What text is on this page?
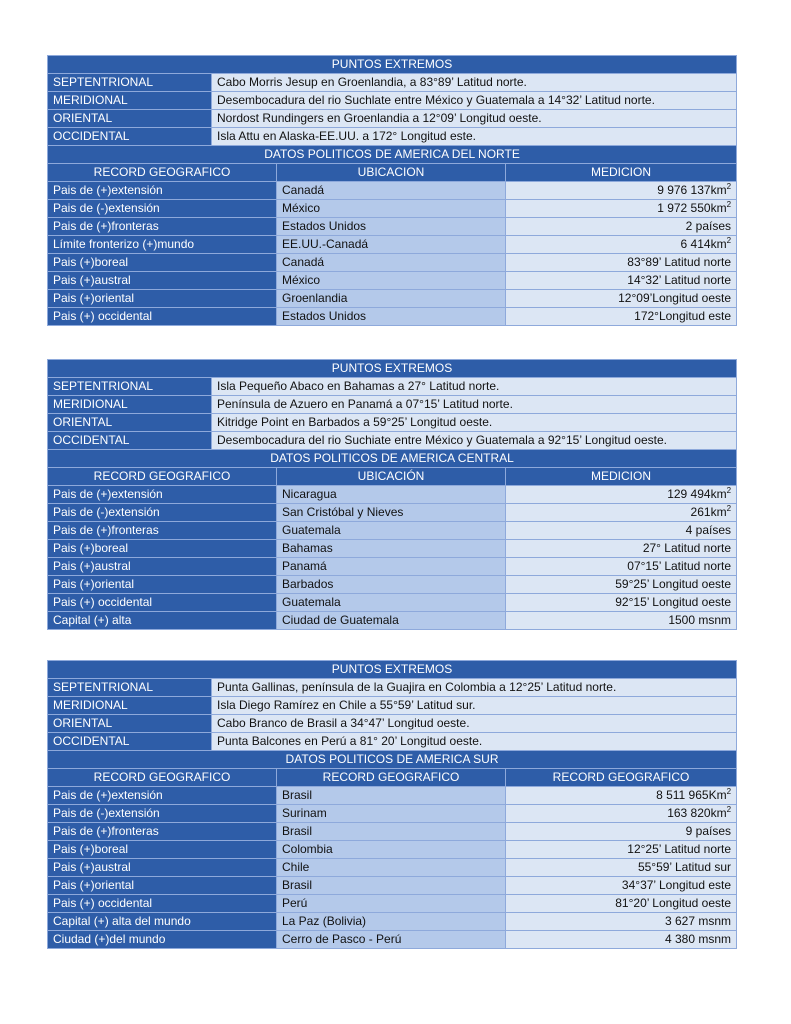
PUNTOS EXTREMOS			
SEPTENTRIONAL	Cabo Morris Jesup en Groenlandia, a 83°89’ Latitud norte.		
MERIDIONAL	Desembocadura del rio Suchlate entre México y Guatemala a 14°32’ Latitud norte.		
ORIENTAL	Nordost Rundingers en Groenlandia a 12°09’ Longitud oeste.		
OCCIDENTAL	Isla Attu en Alaska-EE.UU. a 172° Longitud este.		
DATOS POLITICOS DE AMERICA DEL NORTE			
RECORD GEOGRAFICO		UBICACION	MEDICION
Pais de (+)extensión		Canadá	9 976 $137km^2$
Pais de (-)extensión		México	1 972 $550km^2$
Pais de (+)fronteras		Estados Unidos	2 países
Límite fronterizo (+)mundo		EE.UU.-Canadá	6 $414km^2$
Pais (+)boreal		Canadá	83°89’ Latitud norte
Pais (+)austral		México	14°32’ Latitud norte
Pais (+)oriental		Groenlandia	12°09’Longitud oeste
Pais (+) occidental		Estados Unidos	172°Longitud este
PUNTOS EXTREMOS			
SEPTENTRIONAL	Isla Pequeño Abaco en Bahamas a 27° Latitud norte.		
MERIDIONAL	Península de Azuero en Panamá a 07°15’ Latitud norte.		
ORIENTAL	Kitridge Point en Barbados a 59°25’ Longitud oeste.		
OCCIDENTAL	Desembocadura del rio Suchiate entre México y Guatemala a 92°15’ Longitud oeste.		
DATOS POLITICOS DE AMERICA CENTRAL			
RECORD GEOGRAFICO		UBICACIÓN	MEDICION
Pais de (+)extensión		Nicaragua	129 $494km^2$
Pais de (-)extensión		San Cristóbal y Nieves	$261km^2$
Pais de (+)fronteras		Guatemala	4 países
Pais (+)boreal		Bahamas	27° Latitud norte
Pais (+)austral		Panamá	07°15’ Latitud norte
Pais (+)oriental		Barbados	59°25’ Longitud oeste
Pais (+) occidental		Guatemala	92°15’ Longitud oeste
Capital (+) alta		Ciudad de Guatemala	1500 msnm
PUNTOS EXTREMOS			
SEPTENTRIONAL	Punta Gallinas, península de la Guajira en Colombia a 12°25’ Latitud norte.		
MERIDIONAL	Isla Diego Ramírez en Chile a 55°59’ Latitud sur.		
ORIENTAL	Cabo Branco de Brasil a 34°47’ Longitud oeste.		
OCCIDENTAL	Punta Balcones en Perú a 81° 20’ Longitud oeste.		
DATOS POLITICOS DE AMERICA SUR			
RECORD GEOGRAFICO		RECORD GEOGRAFICO	RECORD GEOGRAFICO
Pais de (+)extensión		Brasil	8 511 965Km$^2$
Pais de (-)extensión		Surinam	163 $820km^2$
Pais de (+)fronteras		Brasil	9 países
Pais (+)boreal		Colombia	12°25’ Latitud norte
Pais (+)austral		Chile	55°59’ Latitud sur
Pais (+)oriental		Brasil	34°37’ Longitud este
Pais (+) occidental		Perú	81°20’ Longitud oeste
Capital (+) alta del mundo		La Paz (Bolivia)	3 627 msnm
Ciudad (+)del mundo		Cerro de Pasco - Perú	4 380 msnm
